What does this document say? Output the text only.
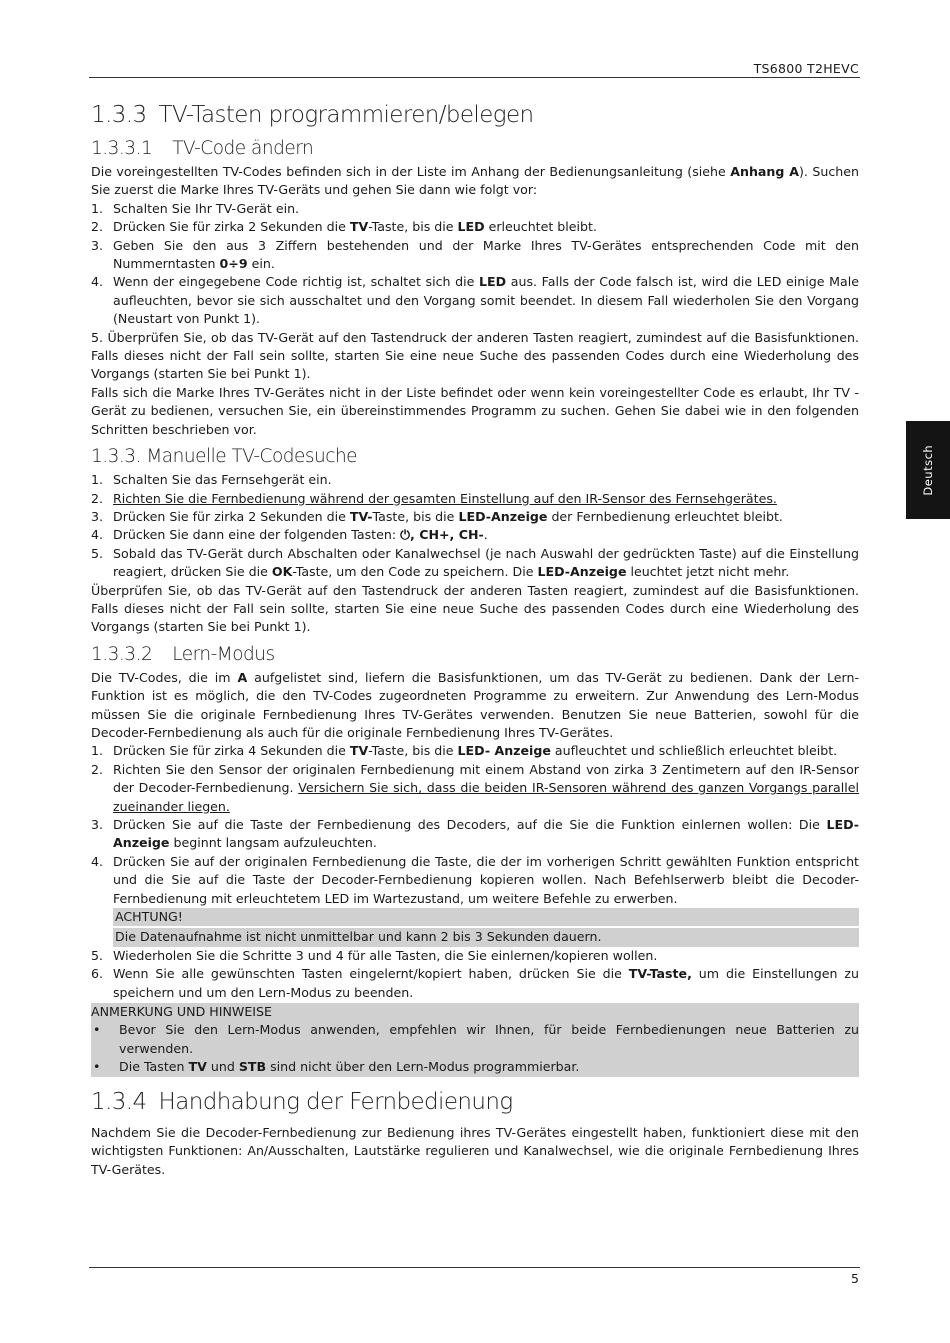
TS6800 T2HEVC
Deutsch
1.3.3 TV-Tasten programmieren/belegen
1.3.3.1 TV-Code ändern

Die voreingestellten TV-Codes befinden sich in der Liste im Anhang der Bedienungsanleitung (siehe Anhang A). Suchen Sie zuerst die Marke Ihres TV-Geräts und gehen Sie dann wie folgt vor:

1. Schalten Sie Ihr TV-Gerät ein.
2. Drücken Sie für zirka 2 Sekunden die TV-Taste, bis die LED erleuchtet bleibt.
3. Geben Sie den aus 3 Ziffern bestehenden und der Marke Ihres TV-Gerätes entsprechenden Code mit den Nummerntasten 0÷9 ein.
4. Wenn der eingegebene Code richtig ist, schaltet sich die LED aus. Falls der Code falsch ist, wird die LED einige Male aufleuchten, bevor sie sich ausschaltet und den Vorgang somit beendet. In diesem Fall wiederholen Sie den Vorgang (Neustart von Punkt 1).

5. Überprüfen Sie, ob das TV-Gerät auf den Tastendruck der anderen Tasten reagiert, zumindest auf die Basisfunktionen. Falls dieses nicht der Fall sein sollte, starten Sie eine neue Suche des passenden Codes durch eine Wiederholung des Vorgangs (starten Sie bei Punkt 1).

Falls sich die Marke Ihres TV-Gerätes nicht in der Liste befindet oder wenn kein voreingestellter Code es erlaubt, Ihr TV - Gerät zu bedienen, versuchen Sie, ein übereinstimmendes Programm zu suchen. Gehen Sie dabei wie in den folgenden Schritten beschrieben vor.

1.3.3. Manuelle TV-Codesuche
1. Schalten Sie das Fernsehgerät ein.
2. Richten Sie die Fernbedienung während der gesamten Einstellung auf den IR-Sensor des Fernsehgerätes.
3. Drücken Sie für zirka 2 Sekunden die TV-Taste, bis die LED-Anzeige der Fernbedienung erleuchtet bleibt.
4. Drücken Sie dann eine der folgenden Tasten: ⏻, CH+, CH-.
5. Sobald das TV-Gerät durch Abschalten oder Kanalwechsel (je nach Auswahl der gedrückten Taste) auf die Einstellung reagiert, drücken Sie die OK-Taste, um den Code zu speichern. Die LED-Anzeige leuchtet jetzt nicht mehr.

Überprüfen Sie, ob das TV-Gerät auf den Tastendruck der anderen Tasten reagiert, zumindest auf die Basisfunktionen. Falls dieses nicht der Fall sein sollte, starten Sie eine neue Suche des passenden Codes durch eine Wiederholung des Vorgangs (starten Sie bei Punkt 1).

1.3.3.2 Lern-Modus

Die TV-Codes, die im A aufgelistet sind, liefern die Basisfunktionen, um das TV-Gerät zu bedienen. Dank der Lern-Funktion ist es möglich, die den TV-Codes zugeordneten Programme zu erweitern. Zur Anwendung des Lern-Modus müssen Sie die originale Fernbedienung Ihres TV-Gerätes verwenden. Benutzen Sie neue Batterien, sowohl für die Decoder-Fernbedienung als auch für die originale Fernbedienung Ihres TV-Gerätes.

1. Drücken Sie für zirka 4 Sekunden die TV-Taste, bis die LED- Anzeige aufleuchtet und schließlich erleuchtet bleibt.
2. Richten Sie den Sensor der originalen Fernbedienung mit einem Abstand von zirka 3 Zentimetern auf den IR-Sensor der Decoder-Fernbedienung. Versichern Sie sich, dass die beiden IR-Sensoren während des ganzen Vorgangs parallel zueinander liegen.
3. Drücken Sie auf die Taste der Fernbedienung des Decoders, auf die Sie die Funktion einlernen wollen: Die LED-Anzeige beginnt langsam aufzuleuchten.
4. Drücken Sie auf der originalen Fernbedienung die Taste, die der im vorherigen Schritt gewählten Funktion entspricht und die Sie auf die Taste der Decoder-Fernbedienung kopieren wollen. Nach Befehlserwerb bleibt die Decoder-Fernbedienung mit erleuchtetem LED im Wartezustand, um weitere Befehle zu erwerben.
ACHTUNG!
Die Datenaufnahme ist nicht unmittelbar und kann 2 bis 3 Sekunden dauern.
5. Wiederholen Sie die Schritte 3 und 4 für alle Tasten, die Sie einlernen/kopieren wollen.
6. Wenn Sie alle gewünschten Tasten eingelernt/kopiert haben, drücken Sie die TV-Taste, um die Einstellungen zu speichern und um den Lern-Modus zu beenden.
ANMERKUNG UND HINWEISE
• Bevor Sie den Lern-Modus anwenden, empfehlen wir Ihnen, für beide Fernbedienungen neue Batterien zu verwenden.
• Die Tasten TV und STB sind nicht über den Lern-Modus programmierbar.
1.3.4 Handhabung der Fernbedienung

Nachdem Sie die Decoder-Fernbedienung zur Bedienung ihres TV-Gerätes eingestellt haben, funktioniert diese mit den wichtigsten Funktionen: An/Ausschalten, Lautstärke regulieren und Kanalwechsel, wie die originale Fernbedienung Ihres TV-Gerätes.

5
